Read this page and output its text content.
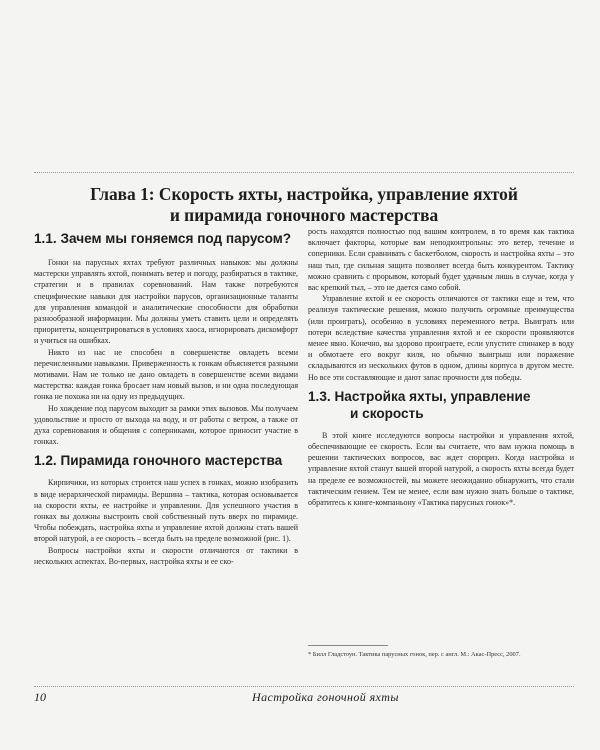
Глава 1: Скорость яхты, настройка, управление яхтой
и пирамида гоночного мастерства
1.1. Зачем мы гоняемся под парусом?

Гонки на парусных яхтах требуют различных навыков: мы должны мастерски управлять яхтой, понимать ветер и погоду, разбираться в тактике, стратегии и в правилах соревнований. Нам также потребуются специфические навыки для настройки парусов, организационные таланты для управления командой и аналитические способности для обработки разнообразной информации. Мы должны уметь ставить цели и определять приоритеты, концентрироваться в условиях хаоса, игнорировать дискомфорт и учиться на ошибках.

Никто из нас не способен в совершенстве овладеть всеми перечисленными навыками. Приверженность к гонкам объясняется разными мотивами. Нам не только не дано овладеть в совершенстве всеми видами мастерства: каждая гонка бросает нам новый вызов, и ни одна последующая гонка не похожа ни на одну из предыдущих.

Но хождение под парусом выходит за рамки этих вызовов. Мы получаем удовольствие и просто от выхода на воду, и от работы с ветром, а также от духа соревнования и общения с соперниками, которое приносит участие в гонках.

1.2. Пирамида гоночного мастерства

Кирпичики, из которых строится наш успех в гонках, можно изобразить в виде иерархической пирамиды. Вершина – тактика, которая основывается на скорости яхты, ее настройке и управлении. Для успешного участия в гонках вы должны выстроить свой собственный путь вверх по пирамиде. Чтобы побеждать, настройка яхты и управление яхтой должны стать вашей второй натурой, а ее скорость – всегда быть на пределе возможной (рис. 1).

Вопросы настройки яхты и скорости отличаются от тактики в нескольких аспектах. Во-первых, настройка яхты и ее ско-

рость находятся полностью под вашим контролем, в то время как тактика включает факторы, которые вам неподконтрольны: это ветер, течение и соперники. Если сравнивать с баскетболом, скорость и настройка яхты – это наш тыл, где сильная защита позволяет всегда быть конкурентом. Тактику можно сравнить с прорывом, который будет удачным лишь в случае, когда у вас крепкий тыл, – это не дается само собой.

Управление яхтой и ее скорость отличаются от тактики еще и тем, что реализуя тактические решения, можно получить огромные преимущества (или проиграть), особенно в условиях переменного ветра. Выиграть или потери вследствие качества управления яхтой и ее скорости проявляются менее явно. Конечно, вы здорово проиграете, если упустите спинакер в воду и обмотаете его вокруг киля, но обычно выигрыш или поражение складываются из нескольких футов в одном, длины корпуса в другом месте. Но все эти составляющие и дают запас прочности для победы.

1.3. Настройка яхты, управление
и скорость

В этой книге исследуются вопросы настройки и управления яхтой, обеспечивающие ее скорость. Если вы считаете, что вам нужна помощь в решении тактических вопросов, вас ждет сюрприз. Когда настройка и управление яхтой станут вашей второй натурой, а скорость яхты всегда будет на пределе ее возможностей, вы можете неожиданно обнаружить, что стали тактическим гением. Тем не менее, если вам нужно знать больше о тактике, обратитесь к книге-компаньону «Тактика парусных гонок»*.

* Билл Гладстоун. Тактика парусных гонок, пер. с англ. М.: Акас-Пресс, 2007.
10	Настройка гоночной яхты
